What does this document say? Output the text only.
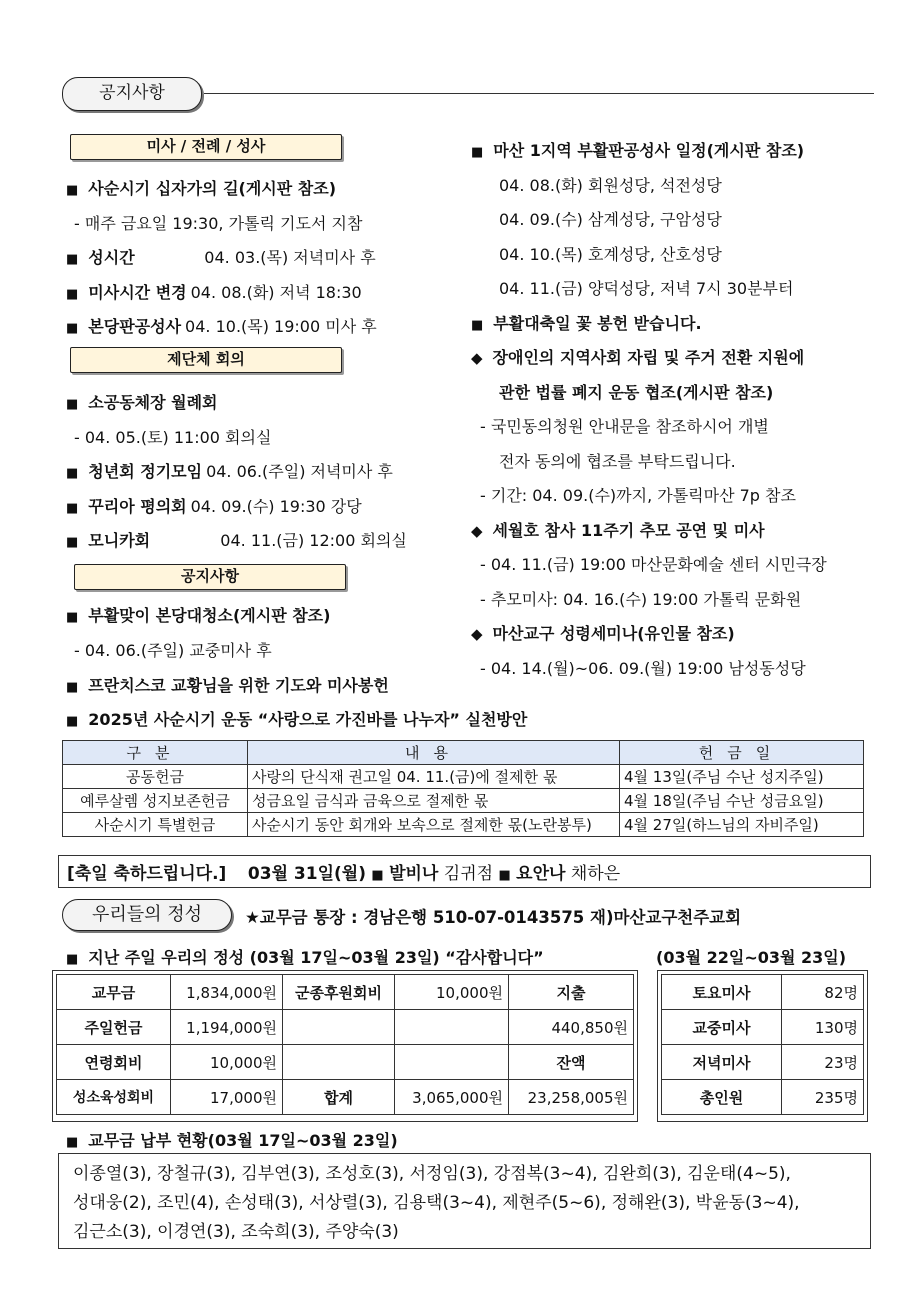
공지사항
미사 / 전례 / 성사
■ 사순시기 십자가의 길(게시판 참조)
- 매주 금요일 19:30, 가톨릭 기도서 지참
■ 성시간	04. 03.(목) 저녁미사 후
■ 미사시간 변경 04. 08.(화) 저녁 18:30
■ 본당판공성사 04. 10.(목) 19:00 미사 후
제단체 회의
■ 소공동체장 월례회
- 04. 05.(토) 11:00 회의실
■ 청년회 정기모임 04. 06.(주일) 저녁미사 후
■ 꾸리아 평의회 04. 09.(수) 19:30 강당
■ 모니카회	04. 11.(금) 12:00 회의실
공지사항
■ 부활맞이 본당대청소(게시판 참조)
- 04. 06.(주일) 교중미사 후
■ 프란치스코 교황님을 위한 기도와 미사봉헌
■ 마산 1지역 부활판공성사 일정(게시판 참조)
04. 08.(화) 회원성당, 석전성당
04. 09.(수) 삼계성당, 구암성당
04. 10.(목) 호계성당, 산호성당
04. 11.(금) 양덕성당, 저녁 7시 30분부터
■ 부활대축일 꽃 봉헌 받습니다.
◆ 장애인의 지역사회 자립 및 주거 전환 지원에
관한 법률 폐지 운동 협조(게시판 참조)
- 국민동의청원 안내문을 참조하시어 개별
전자 동의에 협조를 부탁드립니다.
- 기간: 04. 09.(수)까지, 가톨릭마산 7p 참조
◆ 세월호 참사 11주기 추모 공연 및 미사
- 04. 11.(금) 19:00 마산문화예술 센터 시민극장
- 추모미사: 04. 16.(수) 19:00 가톨릭 문화원
◆ 마산교구 성령세미나(유인물 참조)
- 04. 14.(월)~06. 09.(월) 19:00 남성동성당
■ 2025년 사순시기 운동 “사랑으로 가진바를 나누자” 실천방안
구분	내용	헌금일
공동헌금	사랑의 단식재 권고일 04. 11.(금)에 절제한 몫	4월 13일(주님 수난 성지주일)
예루살렘 성지보존헌금	성금요일 금식과 금육으로 절제한 몫	4월 18일(주님 수난 성금요일)
사순시기 특별헌금	사순시기 동안 회개와 보속으로 절제한 몫(노란봉투)	4월 27일(하느님의 자비주일)
[축일 축하드립니다.] 03월 31일(월) ■ 발비나 김귀점 ■ 요안나 채하은
우리들의 정성	★교무금 통장 : 경남은행 510-07-0143575 재)마산교구천주교회
■ 지난 주일 우리의 정성 (03월 17일~03월 23일) “감사합니다”	(03월 22일~03월 23일)
교무금	1,834,000원	군종후원회비	10,000원	지출
주일헌금	1,194,000원			440,850원
연령회비	10,000원			잔액
성소육성회비	17,000원	합계	3,065,000원	23,258,005원
토요미사	82명
교중미사	130명
저녁미사	23명
총인원	235명
■ 교무금 납부 현황(03월 17일~03월 23일)
이종열(3), 장철규(3), 김부연(3), 조성호(3), 서정임(3), 강점복(3~4), 김완희(3), 김운태(4~5),
성대웅(2), 조민(4), 손성태(3), 서상렬(3), 김용택(3~4), 제현주(5~6), 정해완(3), 박윤동(3~4),
김근소(3), 이경연(3), 조숙희(3), 주양숙(3)
